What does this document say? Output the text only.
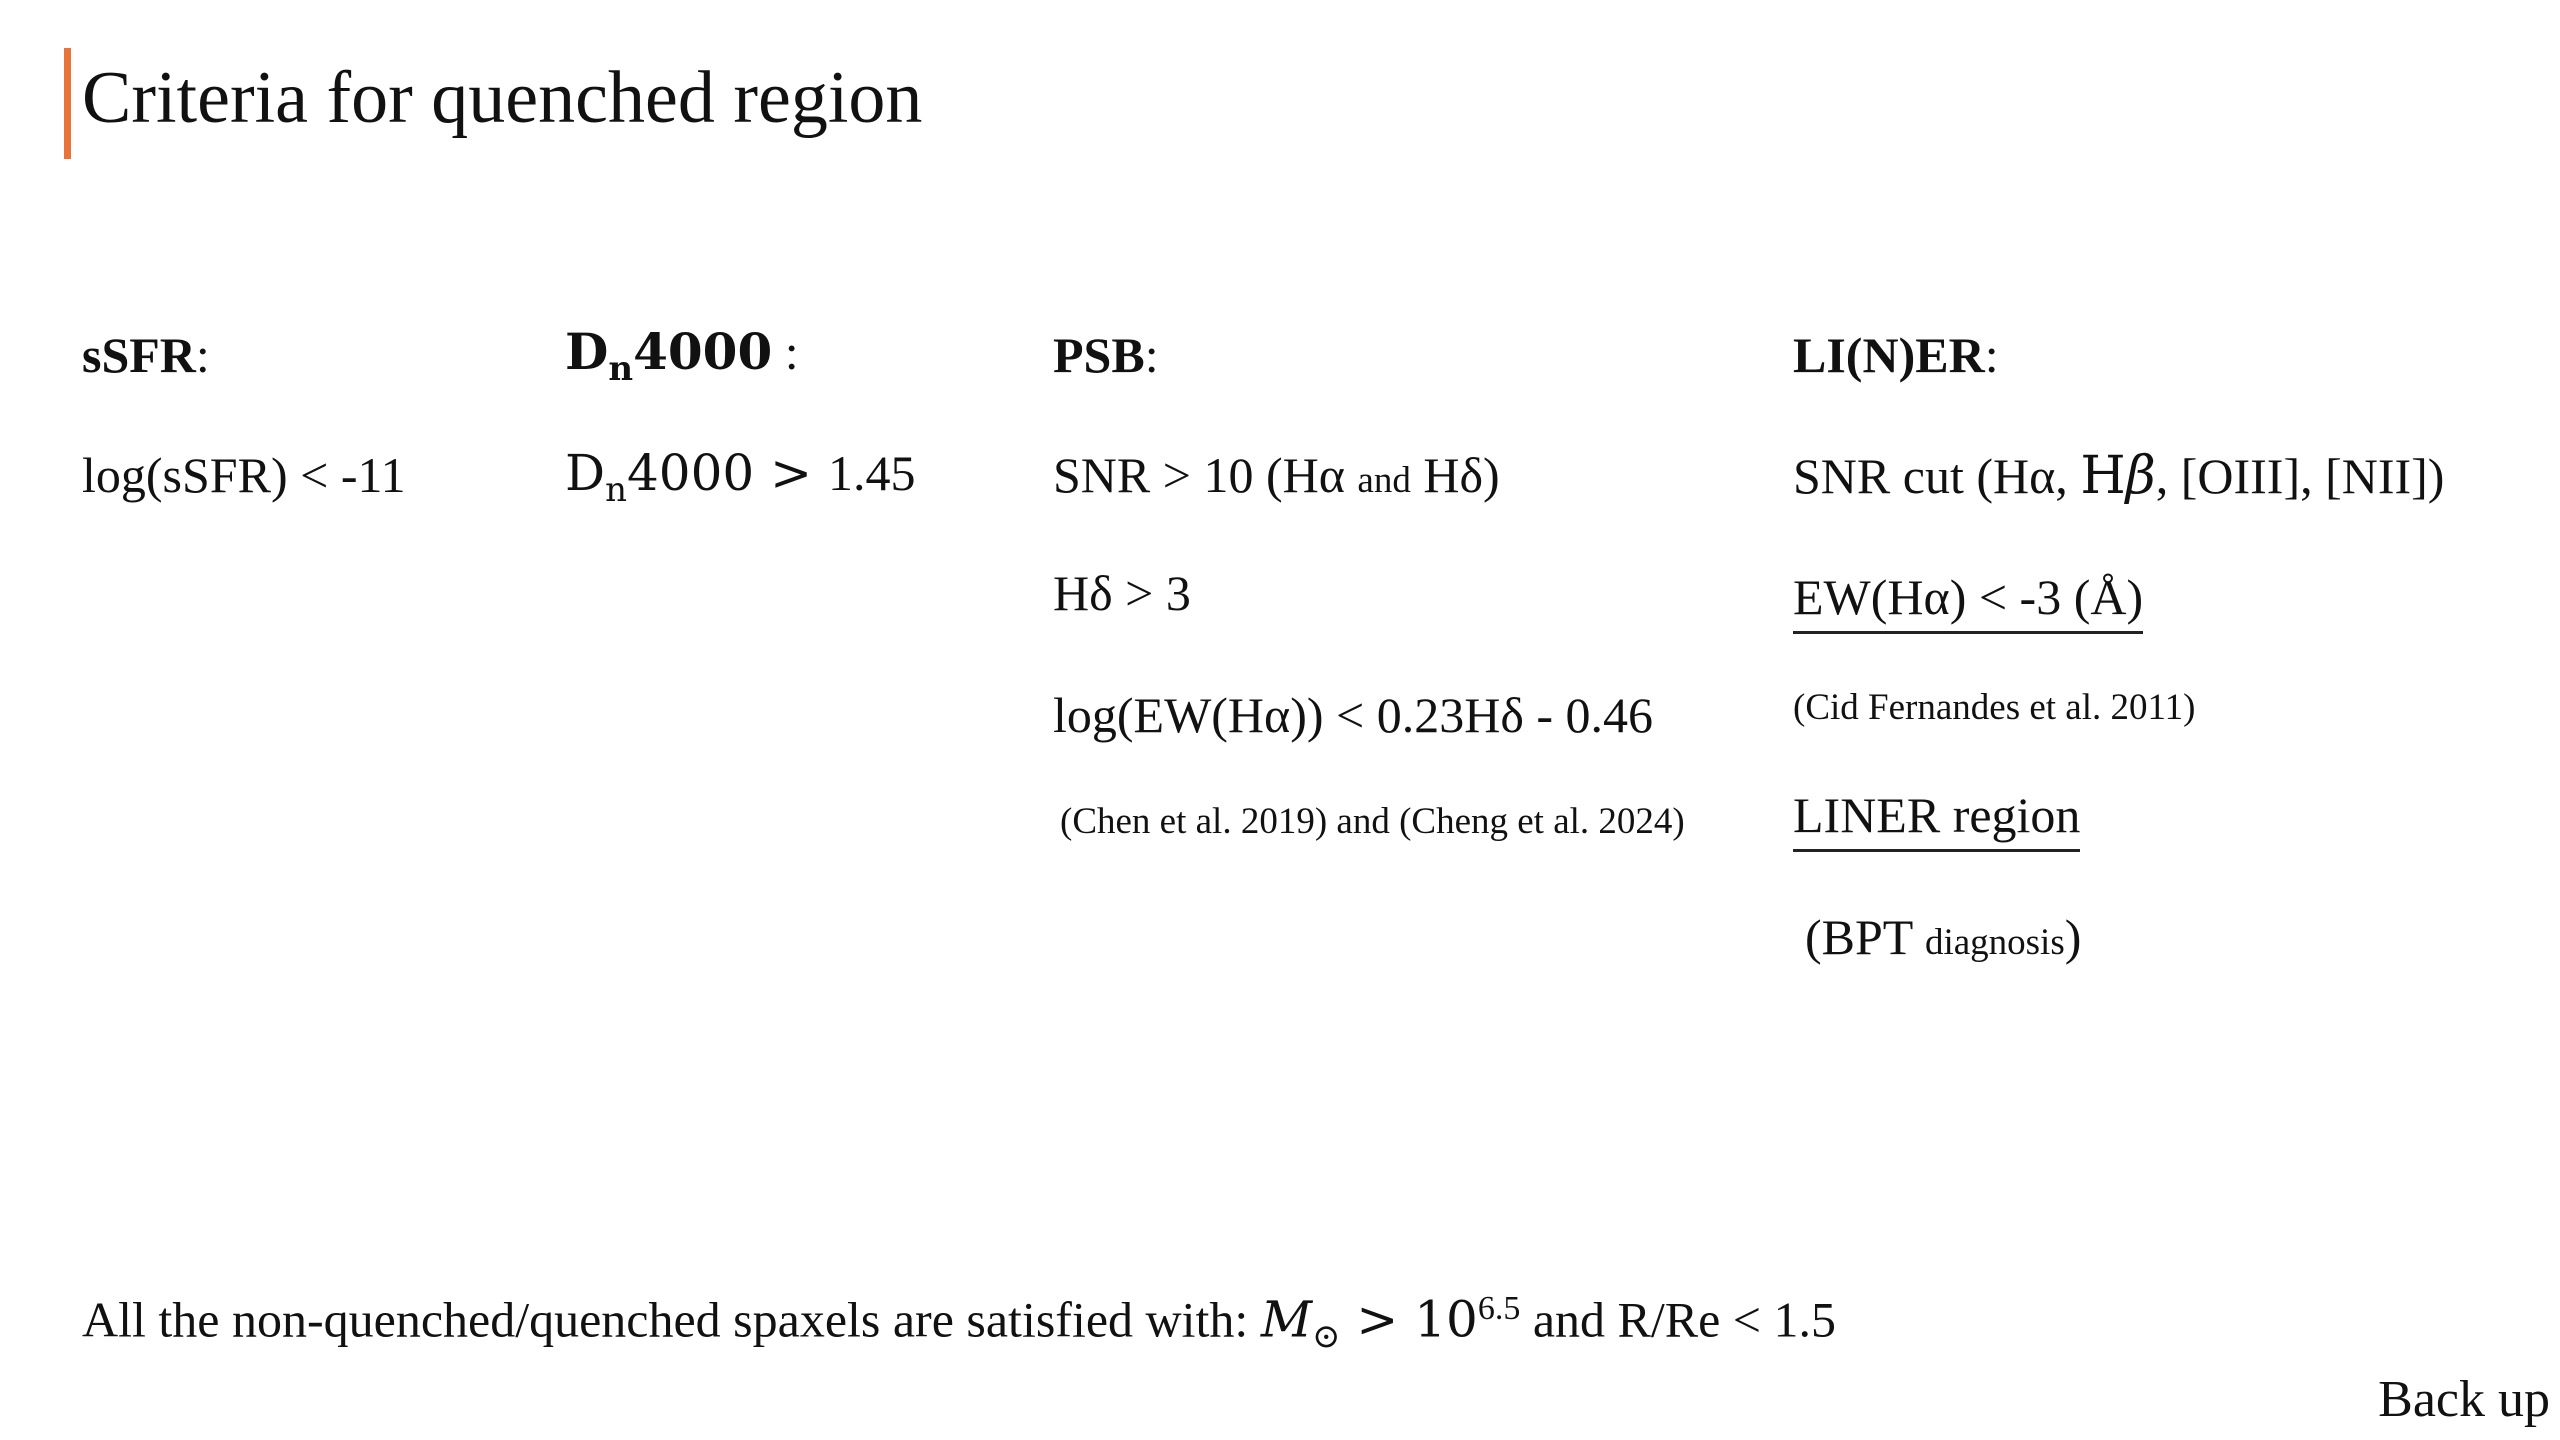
Criteria for quenched region
sSFR:
log(sSFR) < -11
$D_n4000$ :
$D_n4000 > 1.45$
PSB:
SNR > 10 (Hα and Hδ)
Hδ > 3
log(EW(Hα)) < 0.23Hδ - 0.46
(Chen et al. 2019) and (Cheng et al. 2024)
LI(N)ER:
SNR cut (Hα, Hβ, [OIII], [NII])
EW(Hα) < -3 (Å)
(Cid Fernandes et al. 2011)
LINER region
(BPT diagnosis)
All the non-quenched/quenched spaxels are satisfied with: $M_⊙ > 10^{6.5}$ and R/Re < 1.5
Back up
